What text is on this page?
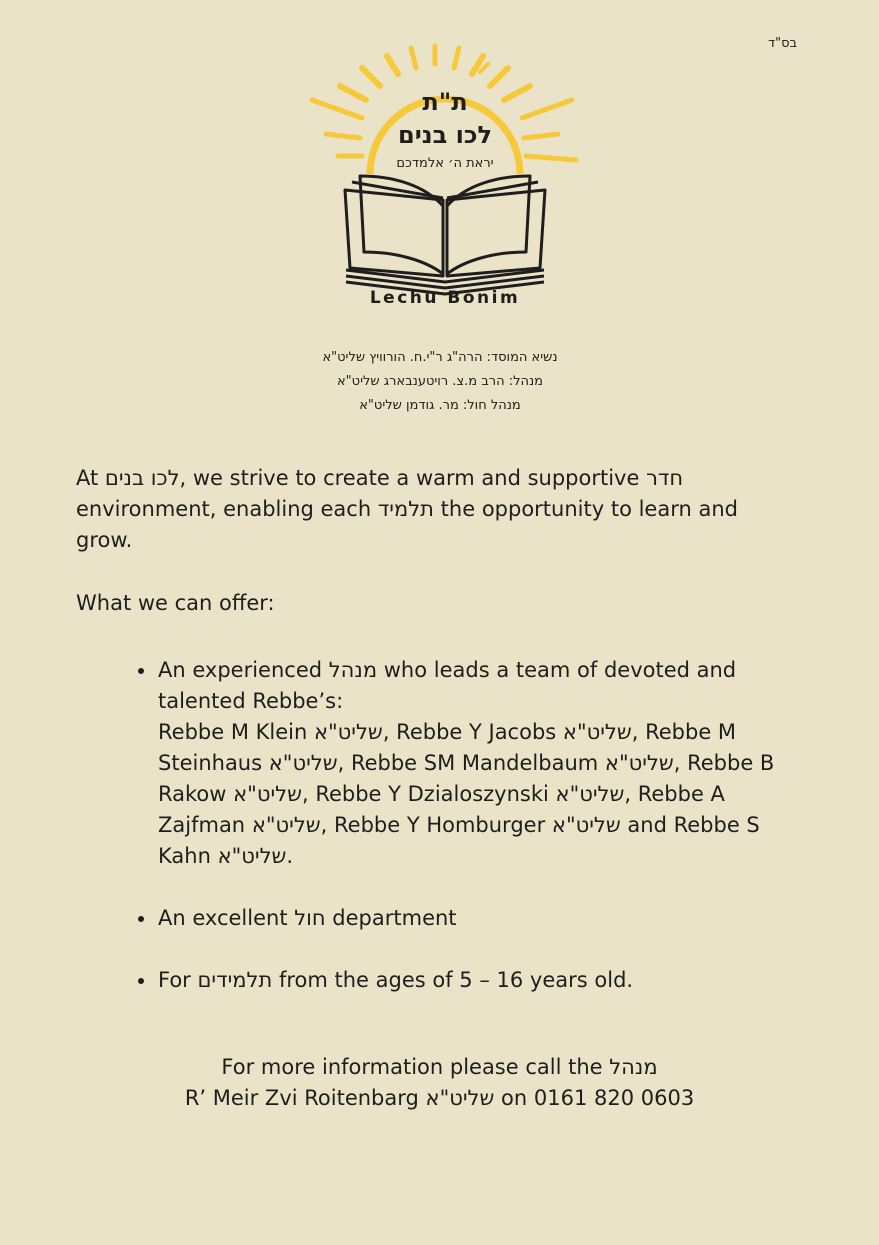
בס"ד
ת"ת
לכו בנים
יראת ה׳ אלמדכם
Lechu Bonim
נשיא המוסד: הרה"ג ר"י.ח. הורוויץ שליט"א
מנהל: הרב מ.צ. רויטענבארג שליט"א
מנהל חול: מר. גודמן שליט"א

At לכו בנים, we strive to create a warm and supportive חדר environment, enabling each תלמיד the opportunity to learn and grow.

What we can offer:
An experienced מנהל who leads a team of devoted and talented Rebbe’s:
Rebbe M Klein שליט"א, Rebbe Y Jacobs שליט"א, Rebbe M Steinhaus שליט"א, Rebbe SM Mandelbaum שליט"א, Rebbe B Rakow שליט"א, Rebbe Y Dzialoszynski שליט"א, Rebbe A Zajfman שליט"א, Rebbe Y Homburger שליט"א and Rebbe S Kahn שליט"א.
An excellent חול department
For תלמידים from the ages of 5 – 16 years old.
For more information please call the מנהל
R’ Meir Zvi Roitenbarg שליט"א on 0161 820 0603
